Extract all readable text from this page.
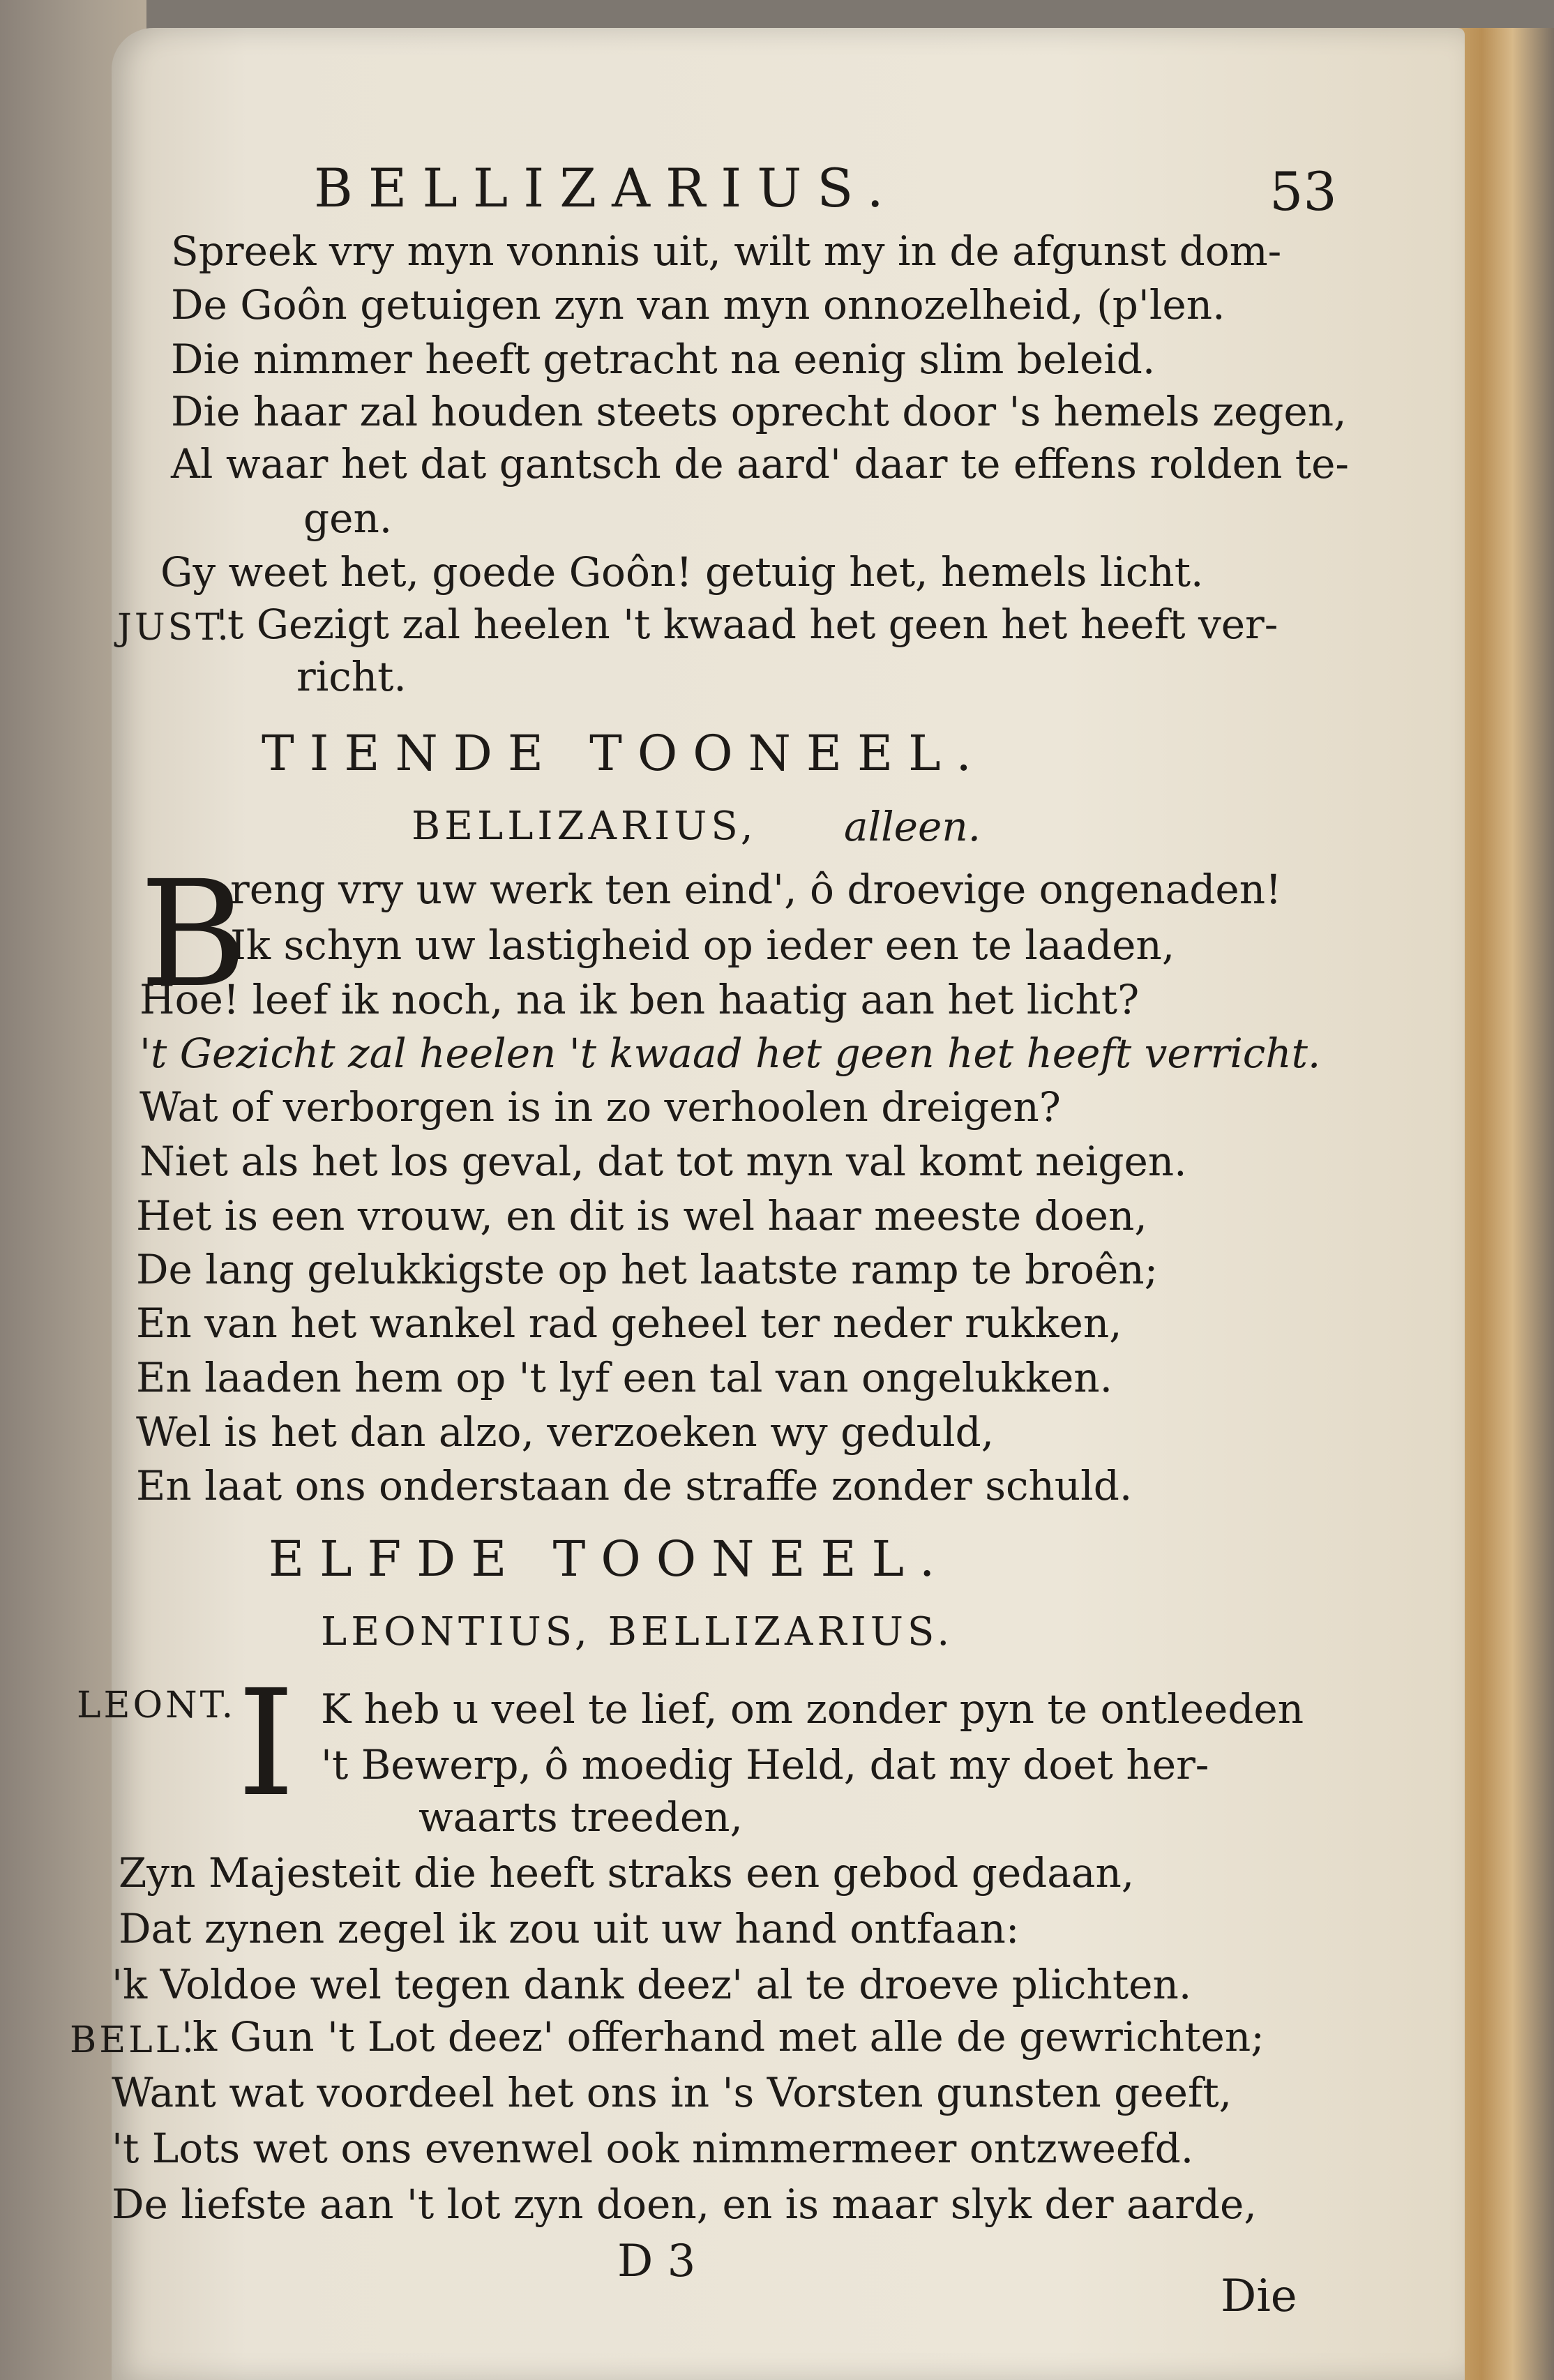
BELLIZARIUS.	53
Spreek vry myn vonnis uit, wilt my in de afgunst dom-
De Goôn getuigen zyn van myn onnozelheid, (p'len.
Die nimmer heeft getracht na eenig slim beleid.
Die haar zal houden steets oprecht door 's hemels zegen,
Al waar het dat gantsch de aard' daar te effens rolden te-
gen.
Gy weet het, goede Goôn! getuig het, hemels licht.
JUST.
't Gezigt zal heelen 't kwaad het geen het heeft ver-
richt.
TIENDE TOONEEL.
BELLIZARIUS, alleen.
B
reng vry uw werk ten eind', ô droevige ongenaden!
Ik schyn uw lastigheid op ieder een te laaden,
Hoe! leef ik noch, na ik ben haatig aan het licht?
't Gezicht zal heelen 't kwaad het geen het heeft verricht.
Wat of verborgen is in zo verhoolen dreigen?
Niet als het los geval, dat tot myn val komt neigen.
Het is een vrouw, en dit is wel haar meeste doen,
De lang gelukkigste op het laatste ramp te broên;
En van het wankel rad geheel ter neder rukken,
En laaden hem op 't lyf een tal van ongelukken.
Wel is het dan alzo, verzoeken wy geduld,
En laat ons onderstaan de straffe zonder schuld.
ELFDE TOONEEL.
LEONTIUS, BELLIZARIUS.
LEONT. I K heb u veel te lief, om zonder pyn te ontleeden
't Bewerp, ô moedig Held, dat my doet her-
waarts treeden,
Zyn Majesteit die heeft straks een gebod gedaan,
Dat zynen zegel ik zou uit uw hand ontfaan:
'k Voldoe wel tegen dank deez' al te droeve plichten.
BELL.
'k Gun 't Lot deez' offerhand met alle de gewrichten;
Want wat voordeel het ons in 's Vorsten gunsten geeft,
't Lots wet ons evenwel ook nimmermeer ontzweefd.
De liefste aan 't lot zyn doen, en is maar slyk der aarde,
D 3
Die
